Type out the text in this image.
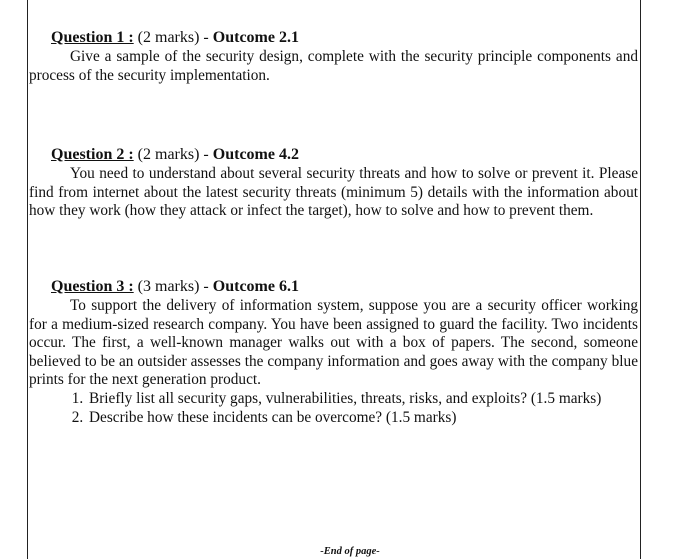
Question 1 : (2 marks) - Outcome 2.1

Give a sample of the security design, complete with the security principle components and process of the security implementation.

Question 2 : (2 marks) - Outcome 4.2

You need to understand about several security threats and how to solve or prevent it. Please find from internet about the latest security threats (minimum 5) details with the information about how they work (how they attack or infect the target), how to solve and how to prevent them.

Question 3 : (3 marks) - Outcome 6.1

To support the delivery of information system, suppose you are a security officer working for a medium-sized research company. You have been assigned to guard the facility. Two incidents occur. The first, a well-known manager walks out with a box of papers. The second, someone believed to be an outsider assesses the company information and goes away with the company blue prints for the next generation product.

1. Briefly list all security gaps, vulnerabilities, threats, risks, and exploits? (1.5 marks)
2. Describe how these incidents can be overcome? (1.5 marks)
-End of page-
